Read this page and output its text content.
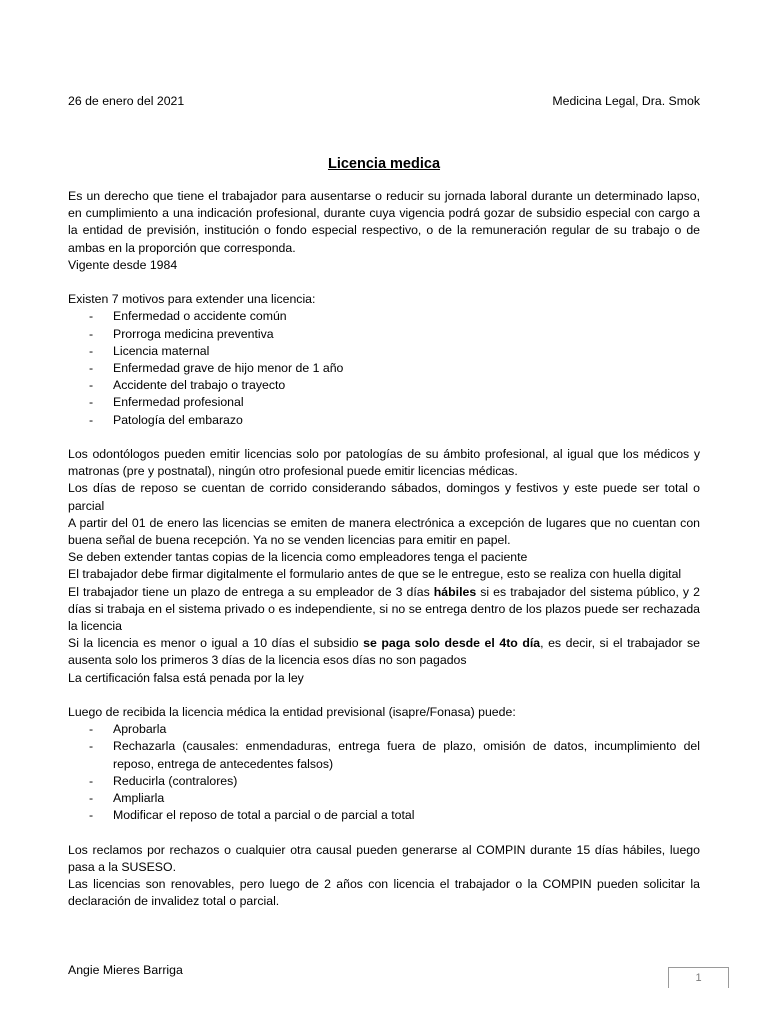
26 de enero del 2021	Medicina Legal, Dra. Smok
Licencia medica

Es un derecho que tiene el trabajador para ausentarse o reducir su jornada laboral durante un determinado lapso, en cumplimiento a una indicación profesional, durante cuya vigencia podrá gozar de subsidio especial con cargo a la entidad de previsión, institución o fondo especial respectivo, o de la remuneración regular de su trabajo o de ambas en la proporción que corresponda.

Vigente desde 1984

Existen 7 motivos para extender una licencia:

- Enfermedad o accidente común
- Prorroga medicina preventiva
- Licencia maternal
- Enfermedad grave de hijo menor de 1 año
- Accidente del trabajo o trayecto
- Enfermedad profesional
- Patología del embarazo

Los odontólogos pueden emitir licencias solo por patologías de su ámbito profesional, al igual que los médicos y matronas (pre y postnatal), ningún otro profesional puede emitir licencias médicas.

Los días de reposo se cuentan de corrido considerando sábados, domingos y festivos y este puede ser total o parcial

A partir del 01 de enero las licencias se emiten de manera electrónica a excepción de lugares que no cuentan con buena señal de buena recepción. Ya no se venden licencias para emitir en papel.

Se deben extender tantas copias de la licencia como empleadores tenga el paciente

El trabajador debe firmar digitalmente el formulario antes de que se le entregue, esto se realiza con huella digital

El trabajador tiene un plazo de entrega a su empleador de 3 días hábiles si es trabajador del sistema público, y 2 días si trabaja en el sistema privado o es independiente, si no se entrega dentro de los plazos puede ser rechazada la licencia

Si la licencia es menor o igual a 10 días el subsidio se paga solo desde el 4to día, es decir, si el trabajador se ausenta solo los primeros 3 días de la licencia esos días no son pagados

La certificación falsa está penada por la ley

Luego de recibida la licencia médica la entidad previsional (isapre/Fonasa) puede:

- Aprobarla
- Rechazarla (causales: enmendaduras, entrega fuera de plazo, omisión de datos, incumplimiento del reposo, entrega de antecedentes falsos)
- Reducirla (contralores)
- Ampliarla
- Modificar el reposo de total a parcial o de parcial a total

Los reclamos por rechazos o cualquier otra causal pueden generarse al COMPIN durante 15 días hábiles, luego pasa a la SUSESO.

Las licencias son renovables, pero luego de 2 años con licencia el trabajador o la COMPIN pueden solicitar la declaración de invalidez total o parcial.

Angie Mieres Barriga
1
